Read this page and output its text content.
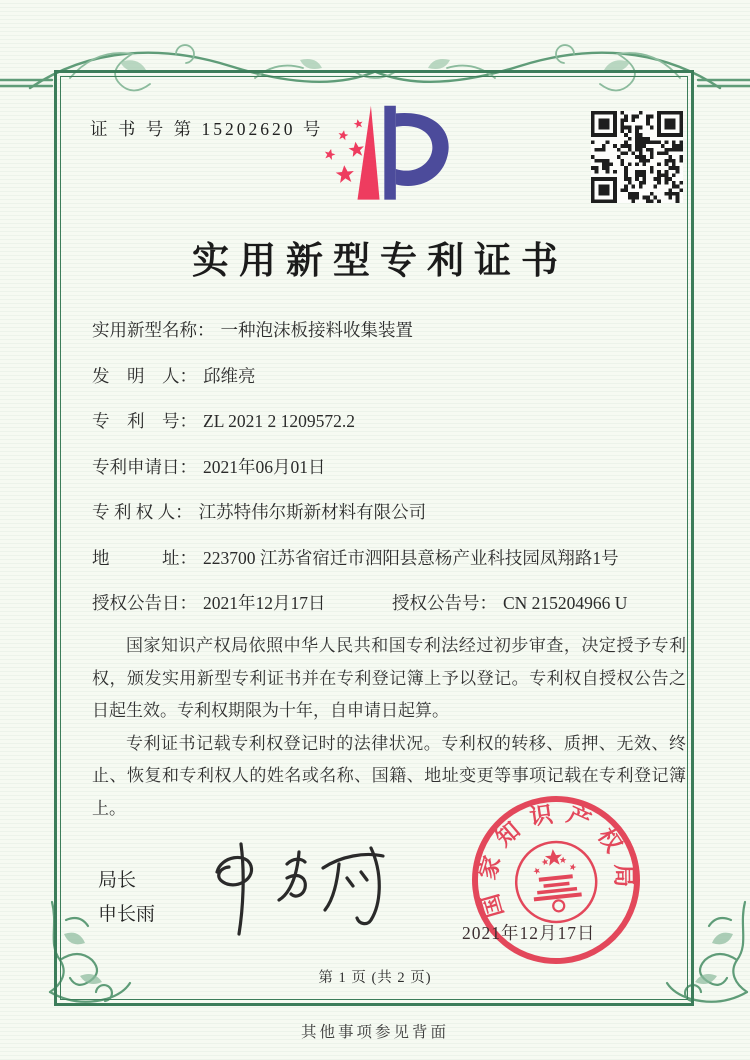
证 书 号 第 15202620 号
实用新型专利证书
实用新型名称： 一种泡沫板接料收集装置
发　明　人： 邱维亮
专　利　号： ZL 2021 2 1209572.2
专利申请日： 2021年06月01日
专 利 权 人： 江苏特伟尔斯新材料有限公司
地　　　址： 223700 江苏省宿迁市泗阳县意杨产业科技园凤翔路1号
授权公告日： 2021年12月17日	授权公告号： CN 215204966 U

国家知识产权局依照中华人民共和国专利法经过初步审查，决定授予专利权，颁发实用新型专利证书并在专利登记簿上予以登记。专利权自授权公告之日起生效。专利权期限为十年，自申请日起算。

专利证书记载专利权登记时的法律状况。专利权的转移、质押、无效、终止、恢复和专利权人的姓名或名称、国籍、地址变更等事项记载在专利登记簿上。

局长
申长雨	国家知识产权局
2021年12月17日
第 1 页 (共 2 页)
其他事项参见背面
